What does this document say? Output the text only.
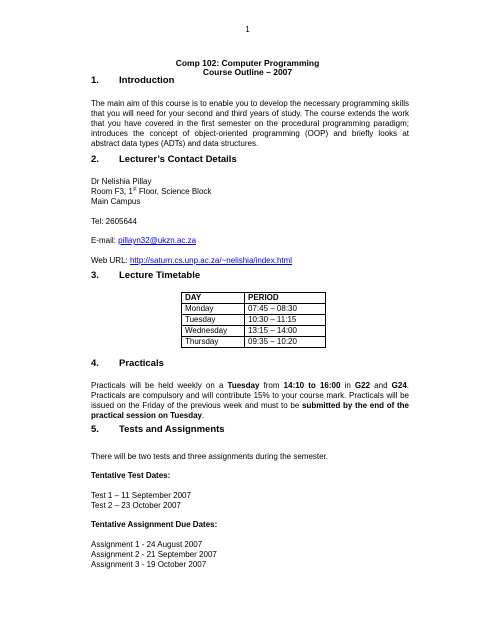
1
Comp 102: Computer Programming
Course Outline – 2007
1. Introduction
The main aim of this course is to enable you to develop the necessary programming skills that you will need for your second and third years of study. The course extends the work that you have covered in the first semester on the procedural programming paradigm; introduces the concept of object-oriented programming (OOP) and briefly looks at abstract data types (ADTs) and data structures.
2. Lecturer’s Contact Details
Dr Nelishia Pillay
Room F3, 1st Floor, Science Block
Main Campus
Tel: 2605644
E-mail: pillayn32@ukzn.ac.za
Web URL: http://saturn.cs.unp.ac.za/~nelishia/index.html
3. Lecture Timetable
DAY	PERIOD
Monday	07:45 – 08:30
Tuesday	10:30 – 11:15
Wednesday	13:15 – 14:00
Thursday	09:35 – 10:20
4. Practicals
Practicals will be held weekly on a Tuesday from 14:10 to 16:00 in G22 and G24. Practicals are compulsory and will contribute 15% to your course mark. Practicals will be issued on the Friday of the previous week and must to be submitted by the end of the practical session on Tuesday.
5. Tests and Assignments
There will be two tests and three assignments during the semester.
Tentative Test Dates:
Test 1 – 11 September 2007
Test 2 – 23 October 2007
Tentative Assignment Due Dates:
Assignment 1 - 24 August 2007
Assignment 2 - 21 September 2007
Assignment 3 - 19 October 2007
